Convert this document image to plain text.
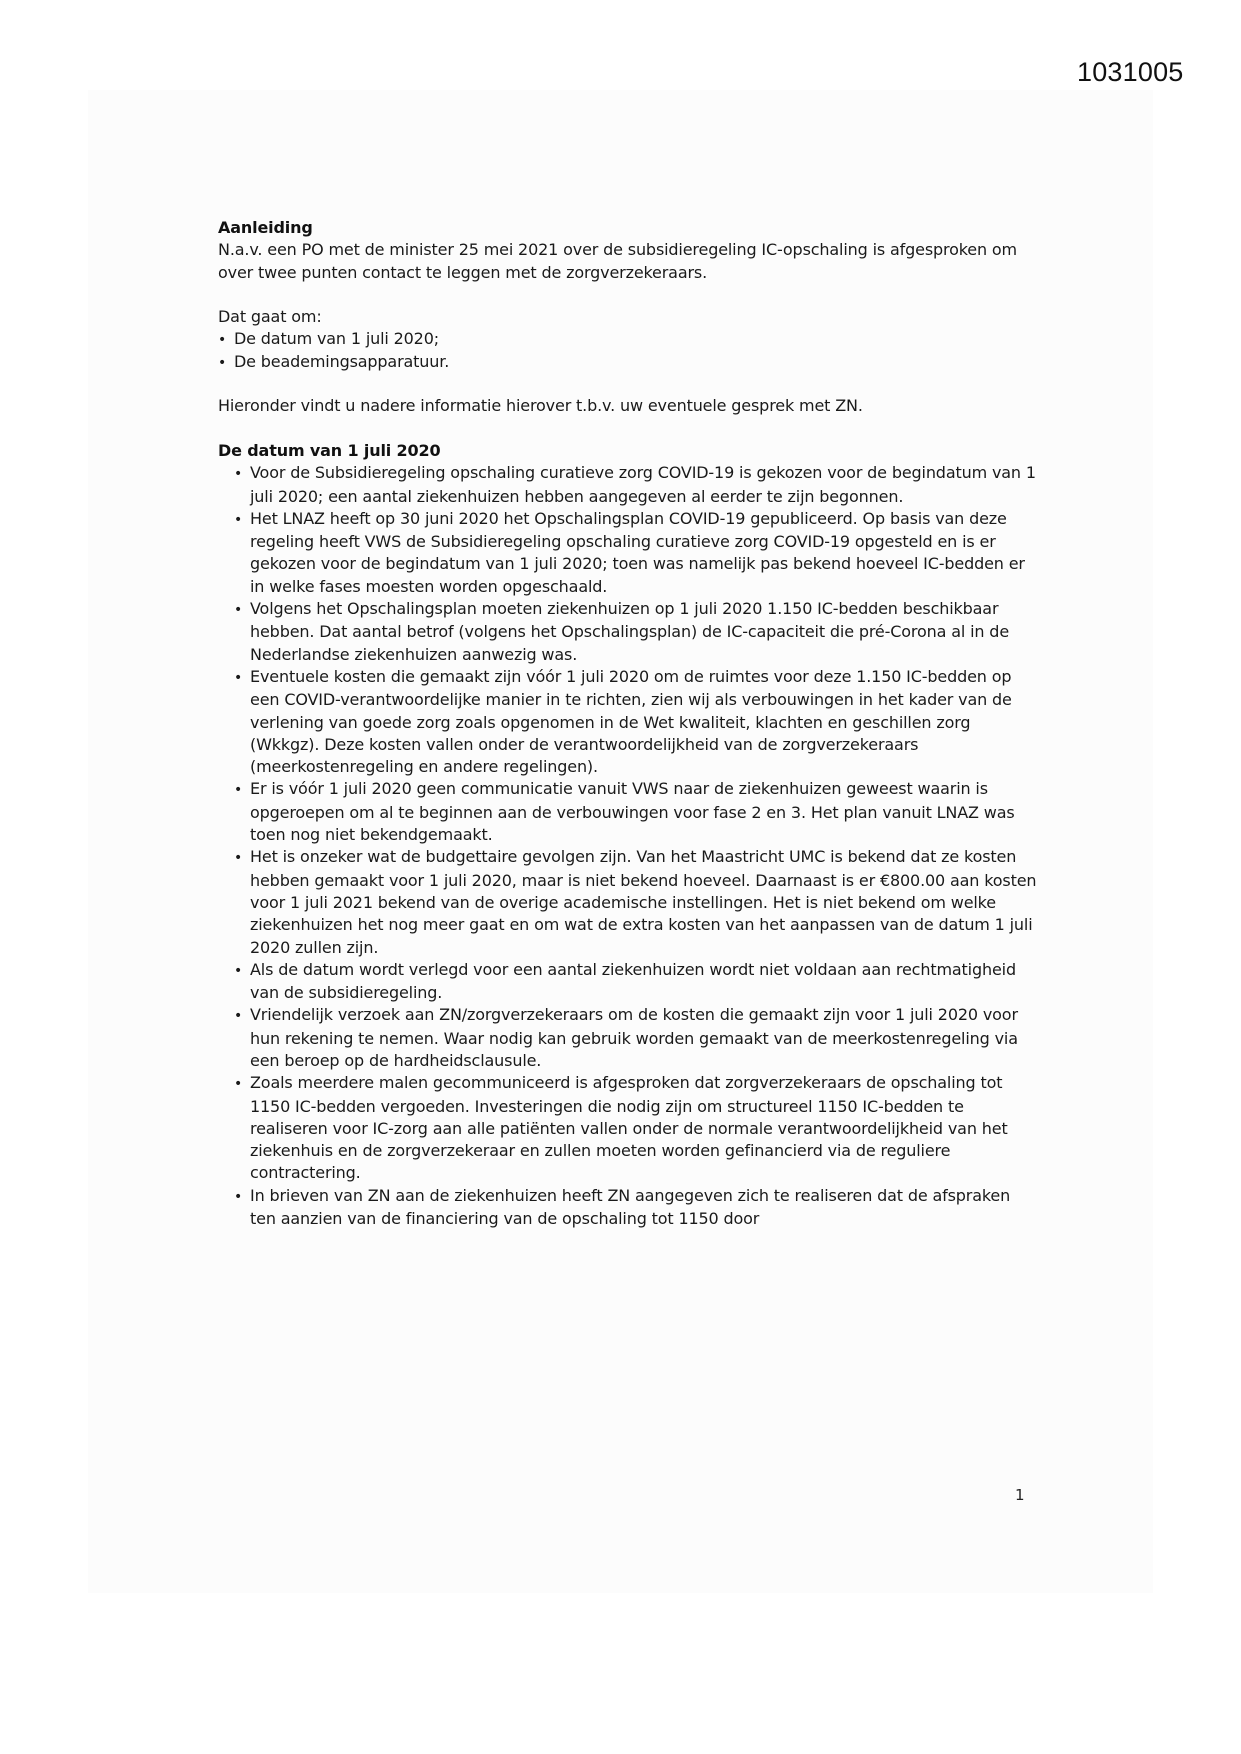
1031005

Aanleiding

N.a.v. een PO met de minister 25 mei 2021 over de subsidieregeling IC-opschaling is afgesproken om over twee punten contact te leggen met de zorgverzekeraars.

Dat gaat om:

•
De datum van 1 juli 2020;
•
De beademingsapparatuur.

Hieronder vindt u nadere informatie hierover t.b.v. uw eventuele gesprek met ZN.

De datum van 1 juli 2020

•Voor de Subsidieregeling opschaling curatieve zorg COVID-19 is gekozen voor de begindatum van 1 juli 2020; een aantal ziekenhuizen hebben aangegeven al eerder te zijn begonnen.
•Het LNAZ heeft op 30 juni 2020 het Opschalingsplan COVID-19 gepubliceerd. Op basis van deze regeling heeft VWS de Subsidieregeling opschaling curatieve zorg COVID-19 opgesteld en is er gekozen voor de begindatum van 1 juli 2020; toen was namelijk pas bekend hoeveel IC-bedden er in welke fases moesten worden opgeschaald.
•Volgens het Opschalingsplan moeten ziekenhuizen op 1 juli 2020 1.150 IC-bedden beschikbaar hebben. Dat aantal betrof (volgens het Opschalingsplan) de IC-capaciteit die pré-Corona al in de Nederlandse ziekenhuizen aanwezig was.
•Eventuele kosten die gemaakt zijn vóór 1 juli 2020 om de ruimtes voor deze 1.150 IC-bedden op een COVID-verantwoordelijke manier in te richten, zien wij als verbouwingen in het kader van de verlening van goede zorg zoals opgenomen in de Wet kwaliteit, klachten en geschillen zorg (Wkkgz). Deze kosten vallen onder de verantwoordelijkheid van de zorgverzekeraars (meerkostenregeling en andere regelingen).
•Er is vóór 1 juli 2020 geen communicatie vanuit VWS naar de ziekenhuizen geweest waarin is opgeroepen om al te beginnen aan de verbouwingen voor fase 2 en 3. Het plan vanuit LNAZ was toen nog niet bekendgemaakt.
•Het is onzeker wat de budgettaire gevolgen zijn. Van het Maastricht UMC is bekend dat ze kosten hebben gemaakt voor 1 juli 2020, maar is niet bekend hoeveel. Daarnaast is er €800.00 aan kosten voor 1 juli 2021 bekend van de overige academische instellingen. Het is niet bekend om welke ziekenhuizen het nog meer gaat en om wat de extra kosten van het aanpassen van de datum 1 juli 2020 zullen zijn.
•Als de datum wordt verlegd voor een aantal ziekenhuizen wordt niet voldaan aan rechtmatigheid van de subsidieregeling.
•Vriendelijk verzoek aan ZN/zorgverzekeraars om de kosten die gemaakt zijn voor 1 juli 2020 voor hun rekening te nemen. Waar nodig kan gebruik worden gemaakt van de meerkostenregeling via een beroep op de hardheidsclausule.
•Zoals meerdere malen gecommuniceerd is afgesproken dat zorgverzekeraars de opschaling tot 1150 IC-bedden vergoeden. Investeringen die nodig zijn om structureel 1150 IC-bedden te realiseren voor IC-zorg aan alle patiënten vallen onder de normale verantwoordelijkheid van het ziekenhuis en de zorgverzekeraar en zullen moeten worden gefinancierd via de reguliere contractering.
•In brieven van ZN aan de ziekenhuizen heeft ZN aangegeven zich te realiseren dat de afspraken ten aanzien van de financiering van de opschaling tot 1150 door
1
